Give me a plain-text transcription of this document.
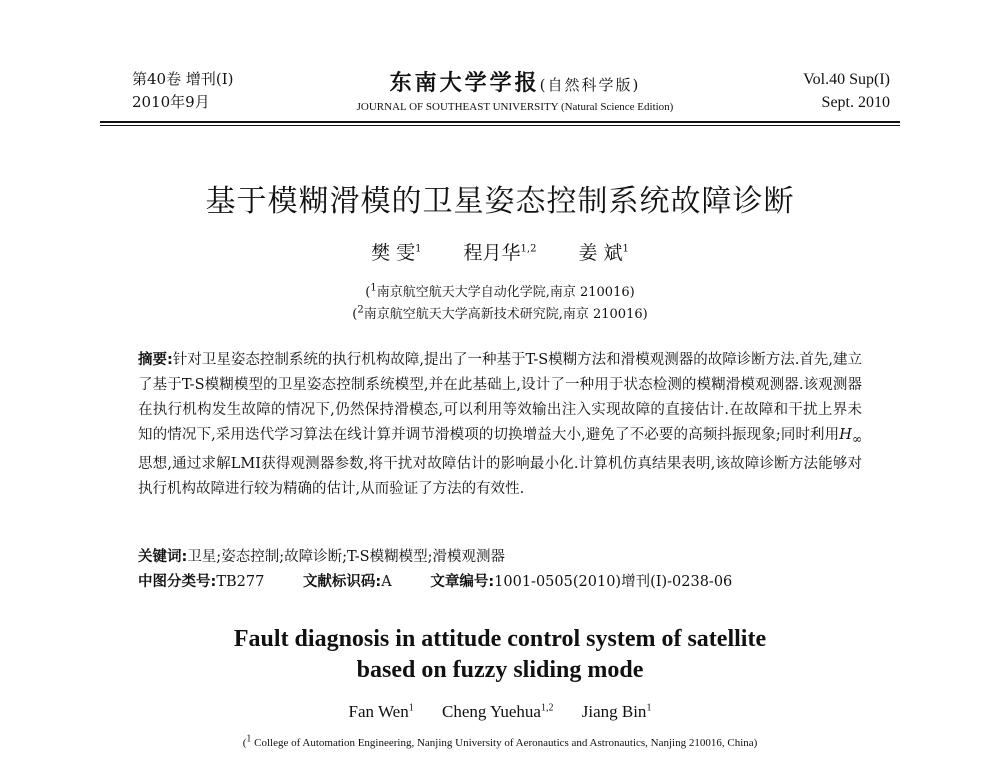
第40卷 增刊(I)
2010年9月
东南大学学报(自然科学版)
JOURNAL OF SOUTHEAST UNIVERSITY (Natural Science Edition)
Vol.40 Sup(I)
Sept. 2010
基于模糊滑模的卫星姿态控制系统故障诊断
樊 雯$^1$ 程月华$^{1,2}$ 姜 斌$^1$
($^1$南京航空航天大学自动化学院,南京 210016)
($^2$南京航空航天大学高新技术研究院,南京 210016)
摘要:针对卫星姿态控制系统的执行机构故障,提出了一种基于T-S模糊方法和滑模观测器的故障诊断方法.首先,建立了基于T-S模糊模型的卫星姿态控制系统模型,并在此基础上,设计了一种用于状态检测的模糊滑模观测器.该观测器在执行机构发生故障的情况下,仍然保持滑模态,可以利用等效输出注入实现故障的直接估计.在故障和干扰上界未知的情况下,采用迭代学习算法在线计算并调节滑模项的切换增益大小,避免了不必要的高频抖振现象;同时利用$H_\infty$思想,通过求解LMI获得观测器参数,将干扰对故障估计的影响最小化.计算机仿真结果表明,该故障诊断方法能够对执行机构故障进行较为精确的估计,从而验证了方法的有效性.
关键词:卫星;姿态控制;故障诊断;T-S模糊模型;滑模观测器
中图分类号:TB277	文献标识码:A	文章编号:1001-0505(2010)增刊(I)-0238-06
Fault diagnosis in attitude control system of satellite
based on fuzzy sliding mode
Fan Wen$^1$ Cheng Yuehua$^{1,2}$ Jiang Bin$^1$
($^1$ College of Automation Engineering, Nanjing University of Aeronautics and Astronautics, Nanjing 210016, China)
